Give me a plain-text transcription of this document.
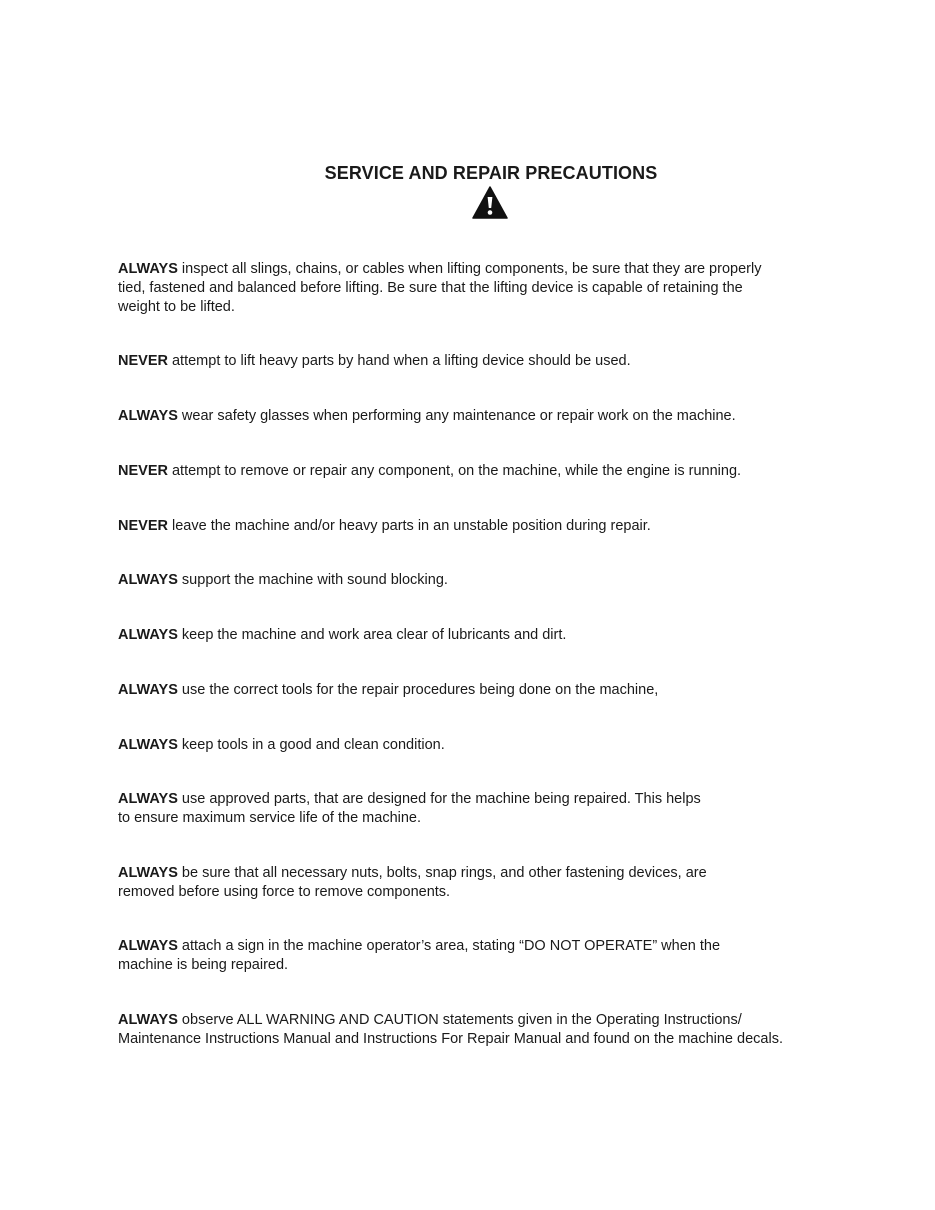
SERVICE AND REPAIR PRECAUTIONS

ALWAYS inspect all slings, chains, or cables when lifting components, be sure that they are properly
tied, fastened and balanced before lifting. Be sure that the lifting device is capable of retaining the
weight to be lifted.

NEVER attempt to lift heavy parts by hand when a lifting device should be used.

ALWAYS wear safety glasses when performing any maintenance or repair work on the machine.

NEVER attempt to remove or repair any component, on the machine, while the engine is running.

NEVER leave the machine and/or heavy parts in an unstable position during repair.

ALWAYS support the machine with sound blocking.

ALWAYS keep the machine and work area clear of lubricants and dirt.

ALWAYS use the correct tools for the repair procedures being done on the machine,

ALWAYS keep tools in a good and clean condition.

ALWAYS use approved parts, that are designed for the machine being repaired. This helps
to ensure maximum service life of the machine.

ALWAYS be sure that all necessary nuts, bolts, snap rings, and other fastening devices, are
removed before using force to remove components.

ALWAYS attach a sign in the machine operator’s area, stating “DO NOT OPERATE” when the
machine is being repaired.

ALWAYS observe ALL WARNING AND CAUTION statements given in the Operating Instructions/
Maintenance Instructions Manual and Instructions For Repair Manual and found on the machine decals.
